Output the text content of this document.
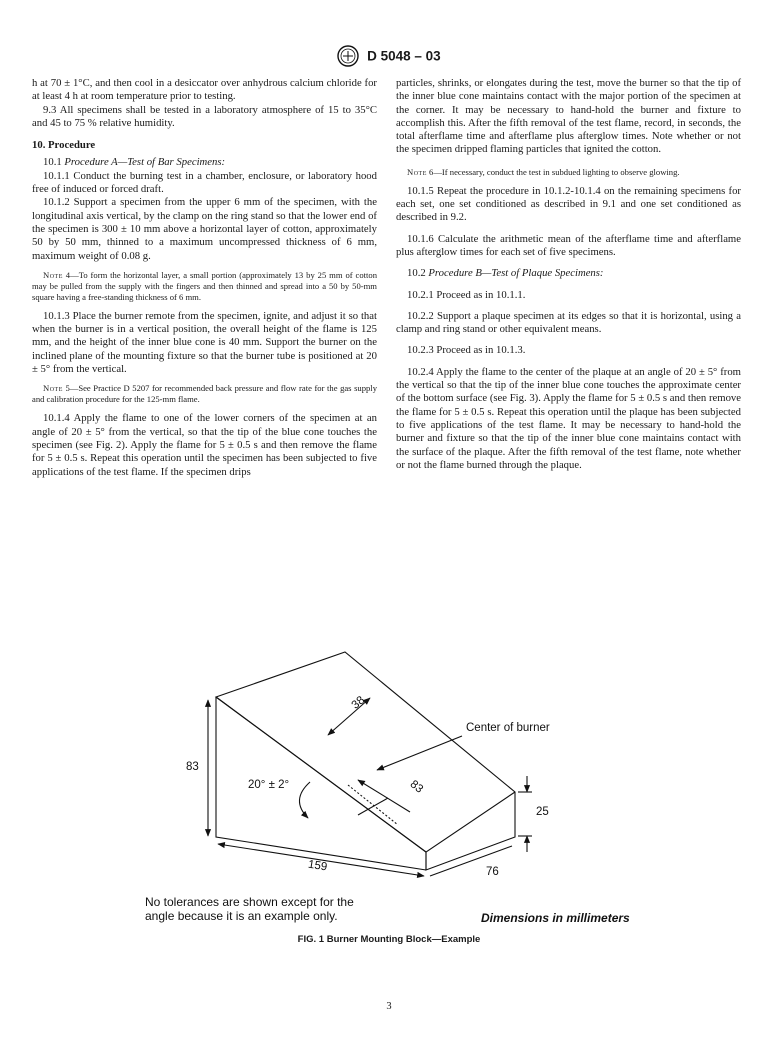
D 5048 – 03

h at 70 ± 1°C, and then cool in a desiccator over anhydrous calcium chloride for at least 4 h at room temperature prior to testing.

9.3 All specimens shall be tested in a laboratory atmosphere of 15 to 35°C and 45 to 75 % relative humidity.

10. Procedure

10.1 Procedure A—Test of Bar Specimens:

10.1.1 Conduct the burning test in a chamber, enclosure, or laboratory hood free of induced or forced draft.

10.1.2 Support a specimen from the upper 6 mm of the specimen, with the longitudinal axis vertical, by the clamp on the ring stand so that the lower end of the specimen is 300 ± 10 mm above a horizontal layer of cotton, approximately 50 by 50 mm, thinned to a maximum uncompressed thickness of 6 mm, maximum weight of 0.08 g.

Note 4—To form the horizontal layer, a small portion (approximately 13 by 25 mm of cotton may be pulled from the supply with the fingers and then thinned and spread into a 50 by 50-mm square having a free-standing thickness of 6 mm.

10.1.3 Place the burner remote from the specimen, ignite, and adjust it so that when the burner is in a vertical position, the overall height of the flame is 125 mm, and the height of the inner blue cone is 40 mm. Support the burner on the inclined plane of the mounting fixture so that the burner tube is positioned at 20 ± 5° from the vertical.

Note 5—See Practice D 5207 for recommended back pressure and flow rate for the gas supply and calibration procedure for the 125-mm flame.

10.1.4 Apply the flame to one of the lower corners of the specimen at an angle of 20 ± 5° from the vertical, so that the tip of the blue cone touches the specimen (see Fig. 2). Apply the flame for 5 ± 0.5 s and then remove the flame for 5 ± 0.5 s. Repeat this operation until the specimen has been subjected to five applications of the test flame. If the specimen drips

particles, shrinks, or elongates during the test, move the burner so that the tip of the inner blue cone maintains contact with the major portion of the specimen at the corner. It may be necessary to hand-hold the burner and fixture to accomplish this. After the fifth removal of the test flame, record, in seconds, the total afterflame time and afterflame plus afterglow times. Note whether or not the specimen dripped flaming particles that ignited the cotton.

Note 6—If necessary, conduct the test in subdued lighting to observe glowing.

10.1.5 Repeat the procedure in 10.1.2-10.1.4 on the remaining specimens for each set, one set conditioned as described in 9.1 and one set conditioned as described in 9.2.

10.1.6 Calculate the arithmetic mean of the afterflame time and afterflame plus afterglow times for each set of five specimens.

10.2 Procedure B—Test of Plaque Specimens:

10.2.1 Proceed as in 10.1.1.

10.2.2 Support a plaque specimen at its edges so that it is horizontal, using a clamp and ring stand or other equivalent means.

10.2.3 Proceed as in 10.1.3.

10.2.4 Apply the flame to the center of the plaque at an angle of 20 ± 5° from the vertical so that the tip of the inner blue cone touches the approximate center of the bottom surface (see Fig. 3). Apply the flame for 5 ± 0.5 s and then remove the flame for 5 ± 0.5 s. Repeat this operation until the plaque has been subjected to five applications of the test flame. It may be necessary to hand-hold the burner and fixture so that the tip of the inner blue cone maintains contact with the surface of the plaque. After the fifth removal of the test flame, note whether or not the flame burned through the plaque.

38
Center of burner
83
20° ± 2°	83
25
159	76
No tolerances are shown except for the
angle because it is an example only.	Dimensions in millimeters
FIG. 1 Burner Mounting Block—Example
3
